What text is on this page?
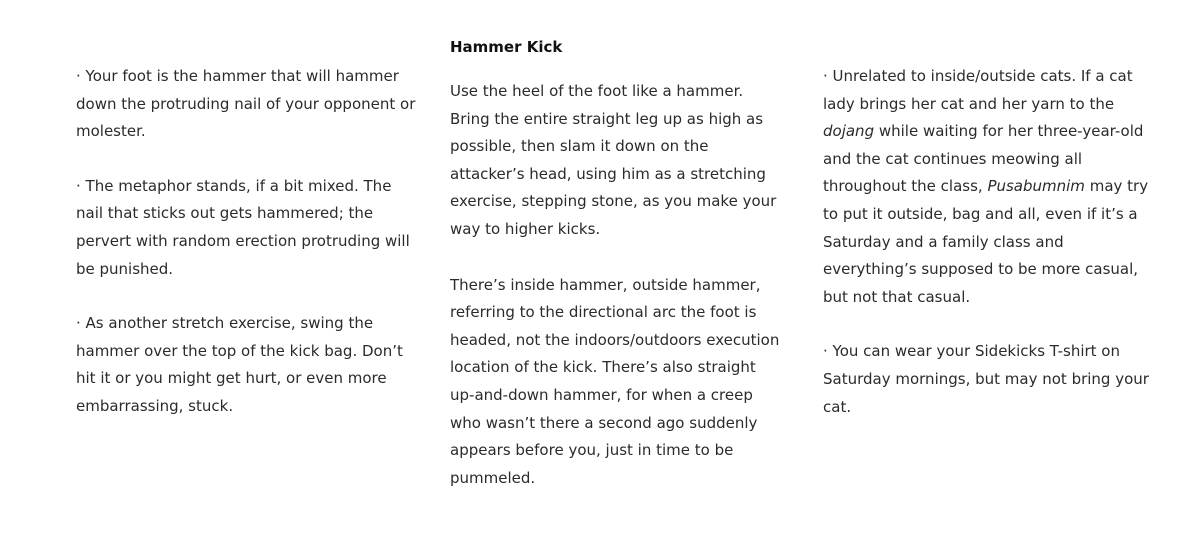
· Your foot is the hammer that will hammer down the protruding nail of your opponent or molester.

· The metaphor stands, if a bit mixed. The nail that sticks out gets hammered; the pervert with random erection protruding will be punished.

· As another stretch exercise, swing the hammer over the top of the kick bag. Don’t hit it or you might get hurt, or even more embarrassing, stuck.

Hammer Kick

Use the heel of the foot like a hammer. Bring the entire straight leg up as high as possible, then slam it down on the attacker’s head, using him as a stretching exercise, stepping stone, as you make your way to higher kicks.

There’s inside hammer, outside hammer, referring to the directional arc the foot is headed, not the indoors/outdoors execution location of the kick. There’s also straight up-and-down hammer, for when a creep who wasn’t there a second ago suddenly appears before you, just in time to be pummeled.

· Unrelated to inside/outside cats. If a cat lady brings her cat and her yarn to the dojang while waiting for her three-year-old and the cat continues meowing all throughout the class, Pusabumnim may try to put it outside, bag and all, even if it’s a Saturday and a family class and everything’s supposed to be more casual, but not that casual.

· You can wear your Sidekicks T-shirt on Saturday mornings, but may not bring your cat.
